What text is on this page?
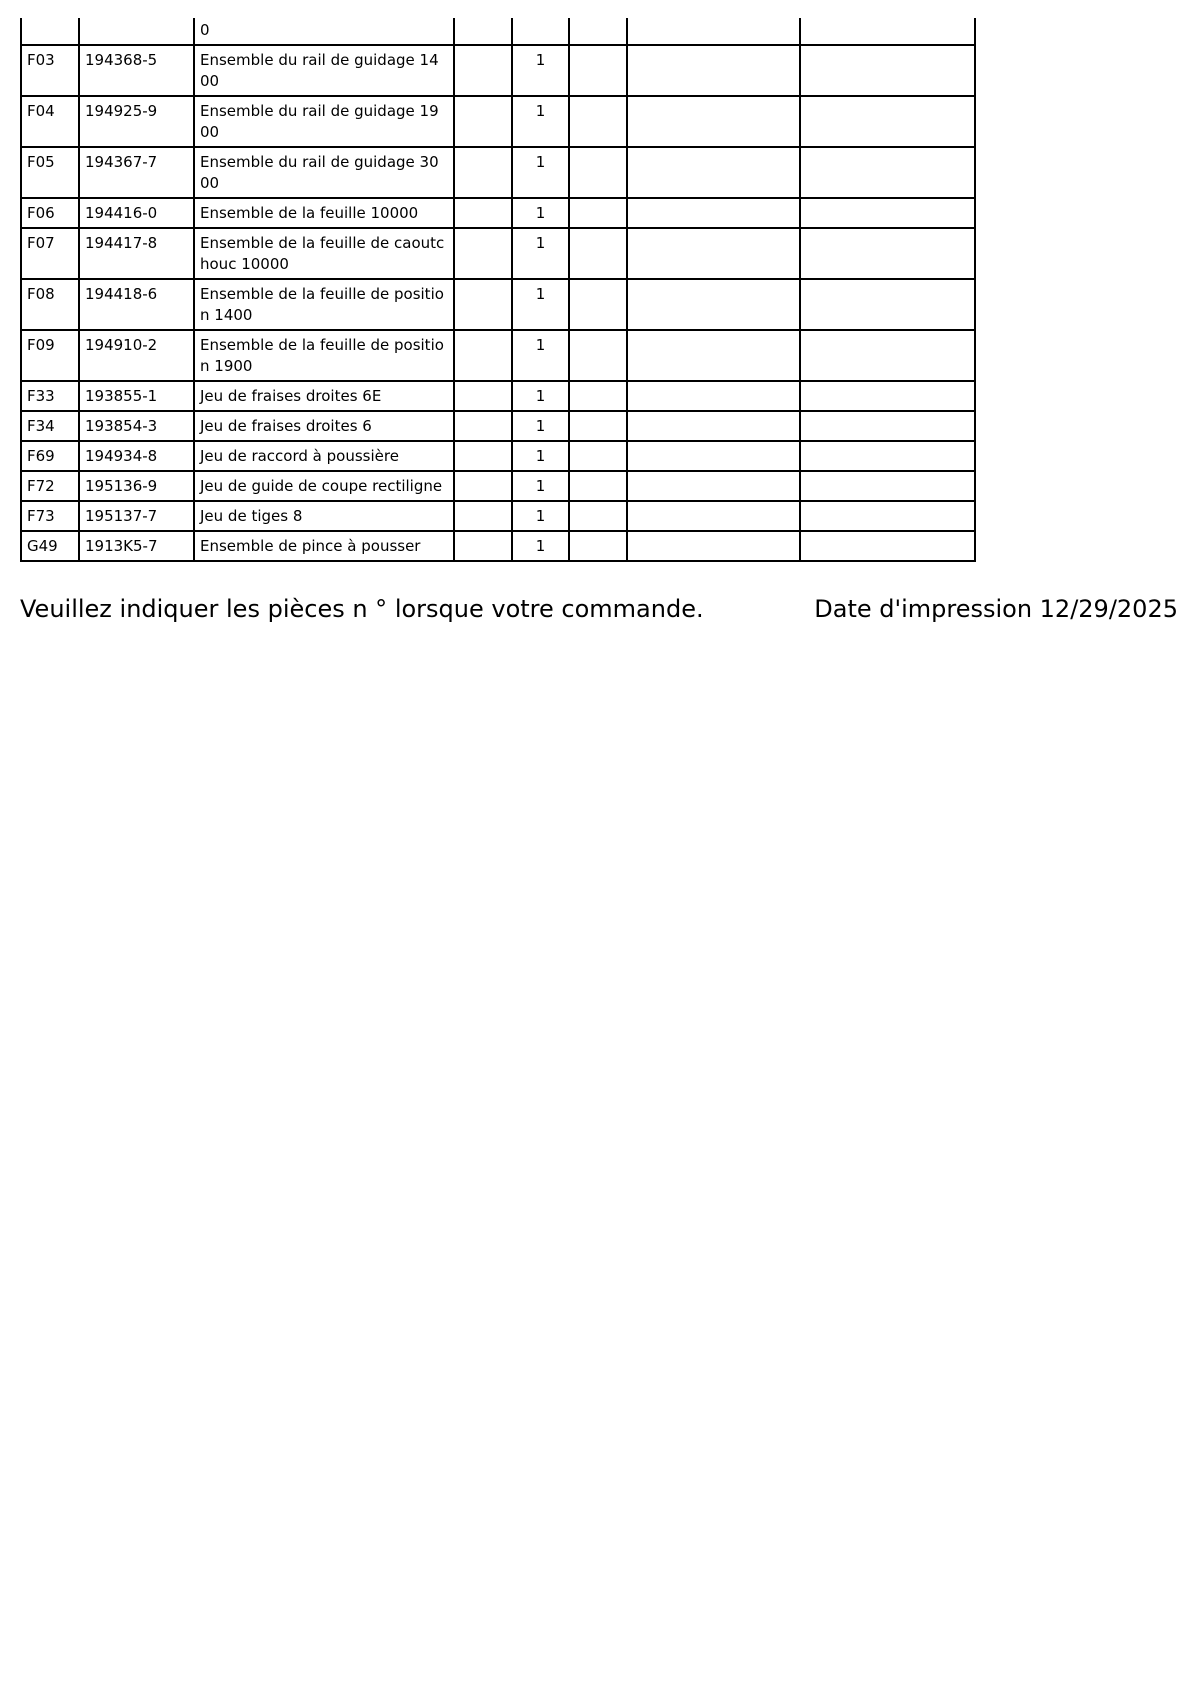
		0					
F03	194368-5	Ensemble du rail de guidage 1400		1			
F04	194925-9	Ensemble du rail de guidage 1900		1			
F05	194367-7	Ensemble du rail de guidage 3000		1			
F06	194416-0	Ensemble de la feuille 10000		1			
F07	194417-8	Ensemble de la feuille de caoutchouc 10000		1			
F08	194418-6	Ensemble de la feuille de position 1400		1			
F09	194910-2	Ensemble de la feuille de position 1900		1			
F33	193855-1	Jeu de fraises droites 6E		1			
F34	193854-3	Jeu de fraises droites 6		1			
F69	194934-8	Jeu de raccord à poussière		1			
F72	195136-9	Jeu de guide de coupe rectiligne		1			
F73	195137-7	Jeu de tiges 8		1			
G49	1913K5-7	Ensemble de pince à pousser		1			
Veuillez indiquer les pièces n ° lorsque votre commande.	Date d'impression 12/29/2025
